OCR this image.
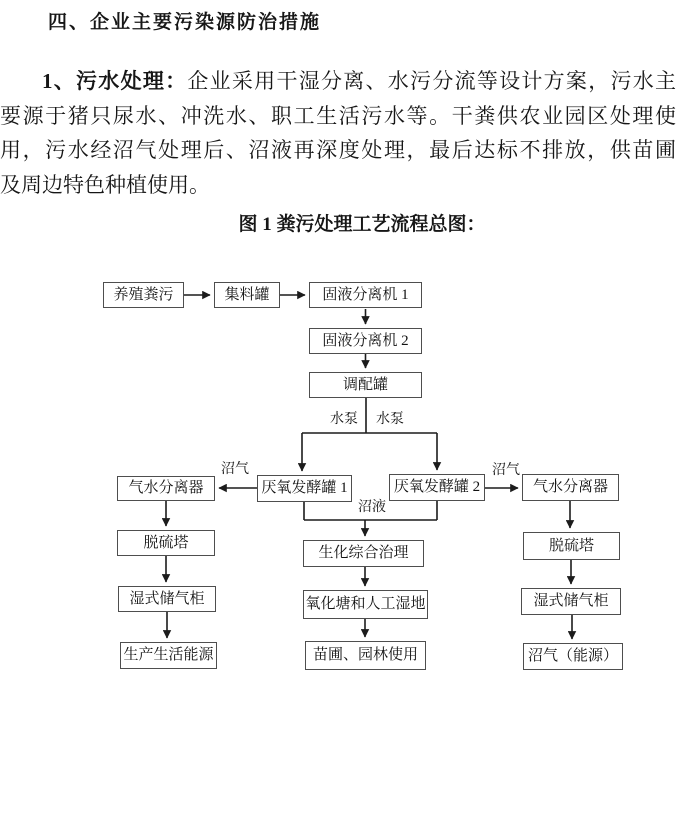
四、企业主要污染源防治措施
1、污水处理：企业采用干湿分离、水污分流等设计方案，污水主
要源于猪只尿水、冲洗水、职工生活污水等。干粪供农业园区处理使
用，污水经沼气处理后、沼液再深度处理，最后达标不排放，供苗圃
及周边特色种植使用。
图 1 粪污处理工艺流程总图：
养殖粪污	集料罐	固液分离机 1
固液分离机 2
调配罐
厌氧发酵罐 1	厌氧发酵罐 2
气水分离器
脱硫塔
湿式储气柜
生产生活能源
生化综合治理
氧化塘和人工湿地
苗圃、园林使用
气水分离器
脱硫塔
湿式储气柜
沼气（能源）
水泵 水泵
沼气	沼气
沼液
